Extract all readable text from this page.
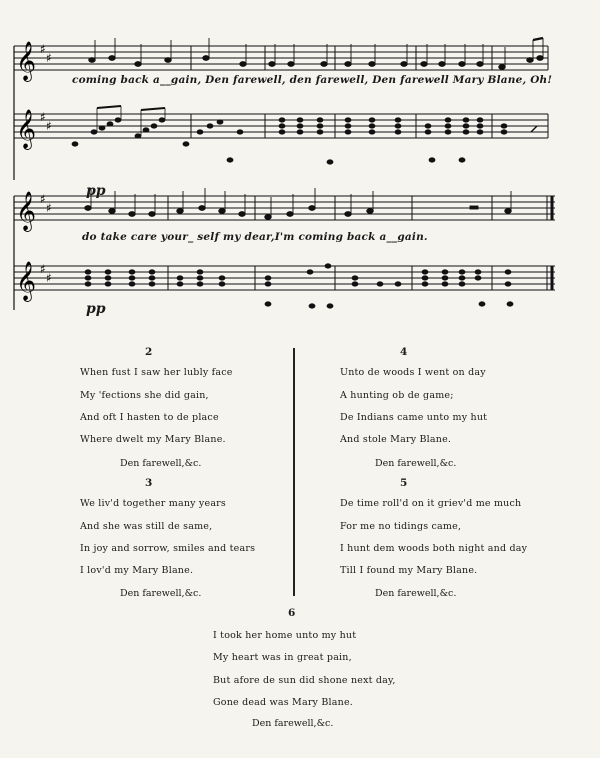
𝄞
𝄞
♯
♯
♯
♯
coming back a__gain, Den farewell, den farewell, Den farewell Mary Blane, Oh!
𝄞
𝄞
♯
♯
♯
♯
pp
do take care your_ self my dear,I'm coming back a__gain.
pp
2
When fust I saw her lubly face
My 'fections she did gain,
And oft I hasten to de place
Where dwelt my Mary Blane.
Den farewell,&c.
3
We liv'd together many years
And she was still de same,
In joy and sorrow, smiles and tears
I lov'd my Mary Blane.
Den farewell,&c.
4
Unto de woods I went on day
A hunting ob de game;
De Indians came unto my hut
And stole Mary Blane.
Den farewell,&c.
5
De time roll'd on it griev'd me much
For me no tidings came,
I hunt dem woods both night and day
Till I found my Mary Blane.
Den farewell,&c.
6
I took her home unto my hut
My heart was in great pain,
But afore de sun did shone next day,
Gone dead was Mary Blane.
Den farewell,&c.
